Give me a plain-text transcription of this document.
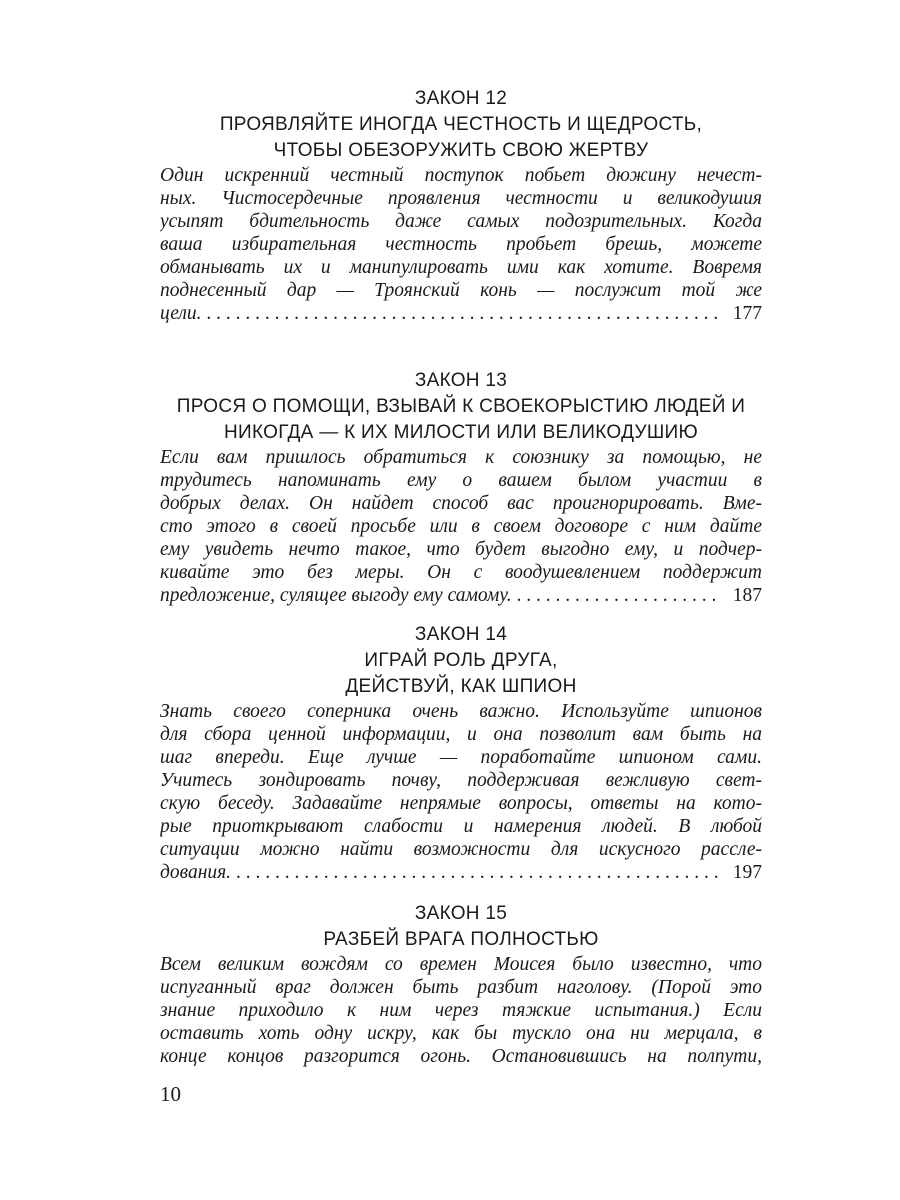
ЗАКОН 12

ПРОЯВЛЯЙТЕ ИНОГДА ЧЕСТНОСТЬ И ЩЕДРОСТЬ,
ЧТОБЫ ОБЕЗОРУЖИТЬ СВОЮ ЖЕРТВУ

Один искренний честный поступок побьет дюжину нечест-
ных. Чистосердечные проявления честности и великодушия
усыпят бдительность даже самых подозрительных. Когда
ваша избирательная честность пробьет брешь, можете
обманывать их и манипулировать ими как хотите. Вовремя
поднесенный дар — Троянский конь — послужит той же
цели. . . .	177

ЗАКОН 13

ПРОСЯ О ПОМОЩИ, ВЗЫВАЙ К СВОЕКОРЫСТИЮ ЛЮДЕЙ И
НИКОГДА — К ИХ МИЛОСТИ ИЛИ ВЕЛИКОДУШИЮ

Если вам пришлось обратиться к союзнику за помощью, не
трудитесь напоминать ему о вашем былом участии в
добрых делах. Он найдет способ вас проигнорировать. Вме-
сто этого в своей просьбе или в своем договоре с ним дайте
ему увидеть нечто такое, что будет выгодно ему, и подчер-
кивайте это без меры. Он с воодушевлением поддержит
предложение, сулящее выгоду ему самому. . . .	187

ЗАКОН 14

ИГРАЙ РОЛЬ ДРУГА,
ДЕЙСТВУЙ, КАК ШПИОН

Знать своего соперника очень важно. Используйте шпионов
для сбора ценной информации, и она позволит вам быть на
шаг впереди. Еще лучше — поработайте шпионом сами.
Учитесь зондировать почву, поддерживая вежливую свет-
скую беседу. Задавайте непрямые вопросы, ответы на кото-
рые приоткрывают слабости и намерения людей. В любой
ситуации можно найти возможности для искусного рассле-
дования. . . .	197

ЗАКОН 15

РАЗБЕЙ ВРАГА ПОЛНОСТЬЮ

Всем великим вождям со времен Моисея было известно, что
испуганный враг должен быть разбит наголову. (Порой это
знание приходило к ним через тяжкие испытания.) Если
оставить хоть одну искру, как бы тускло она ни мерцала, в
конце концов разгорится огонь. Остановившись на полпути,

10
